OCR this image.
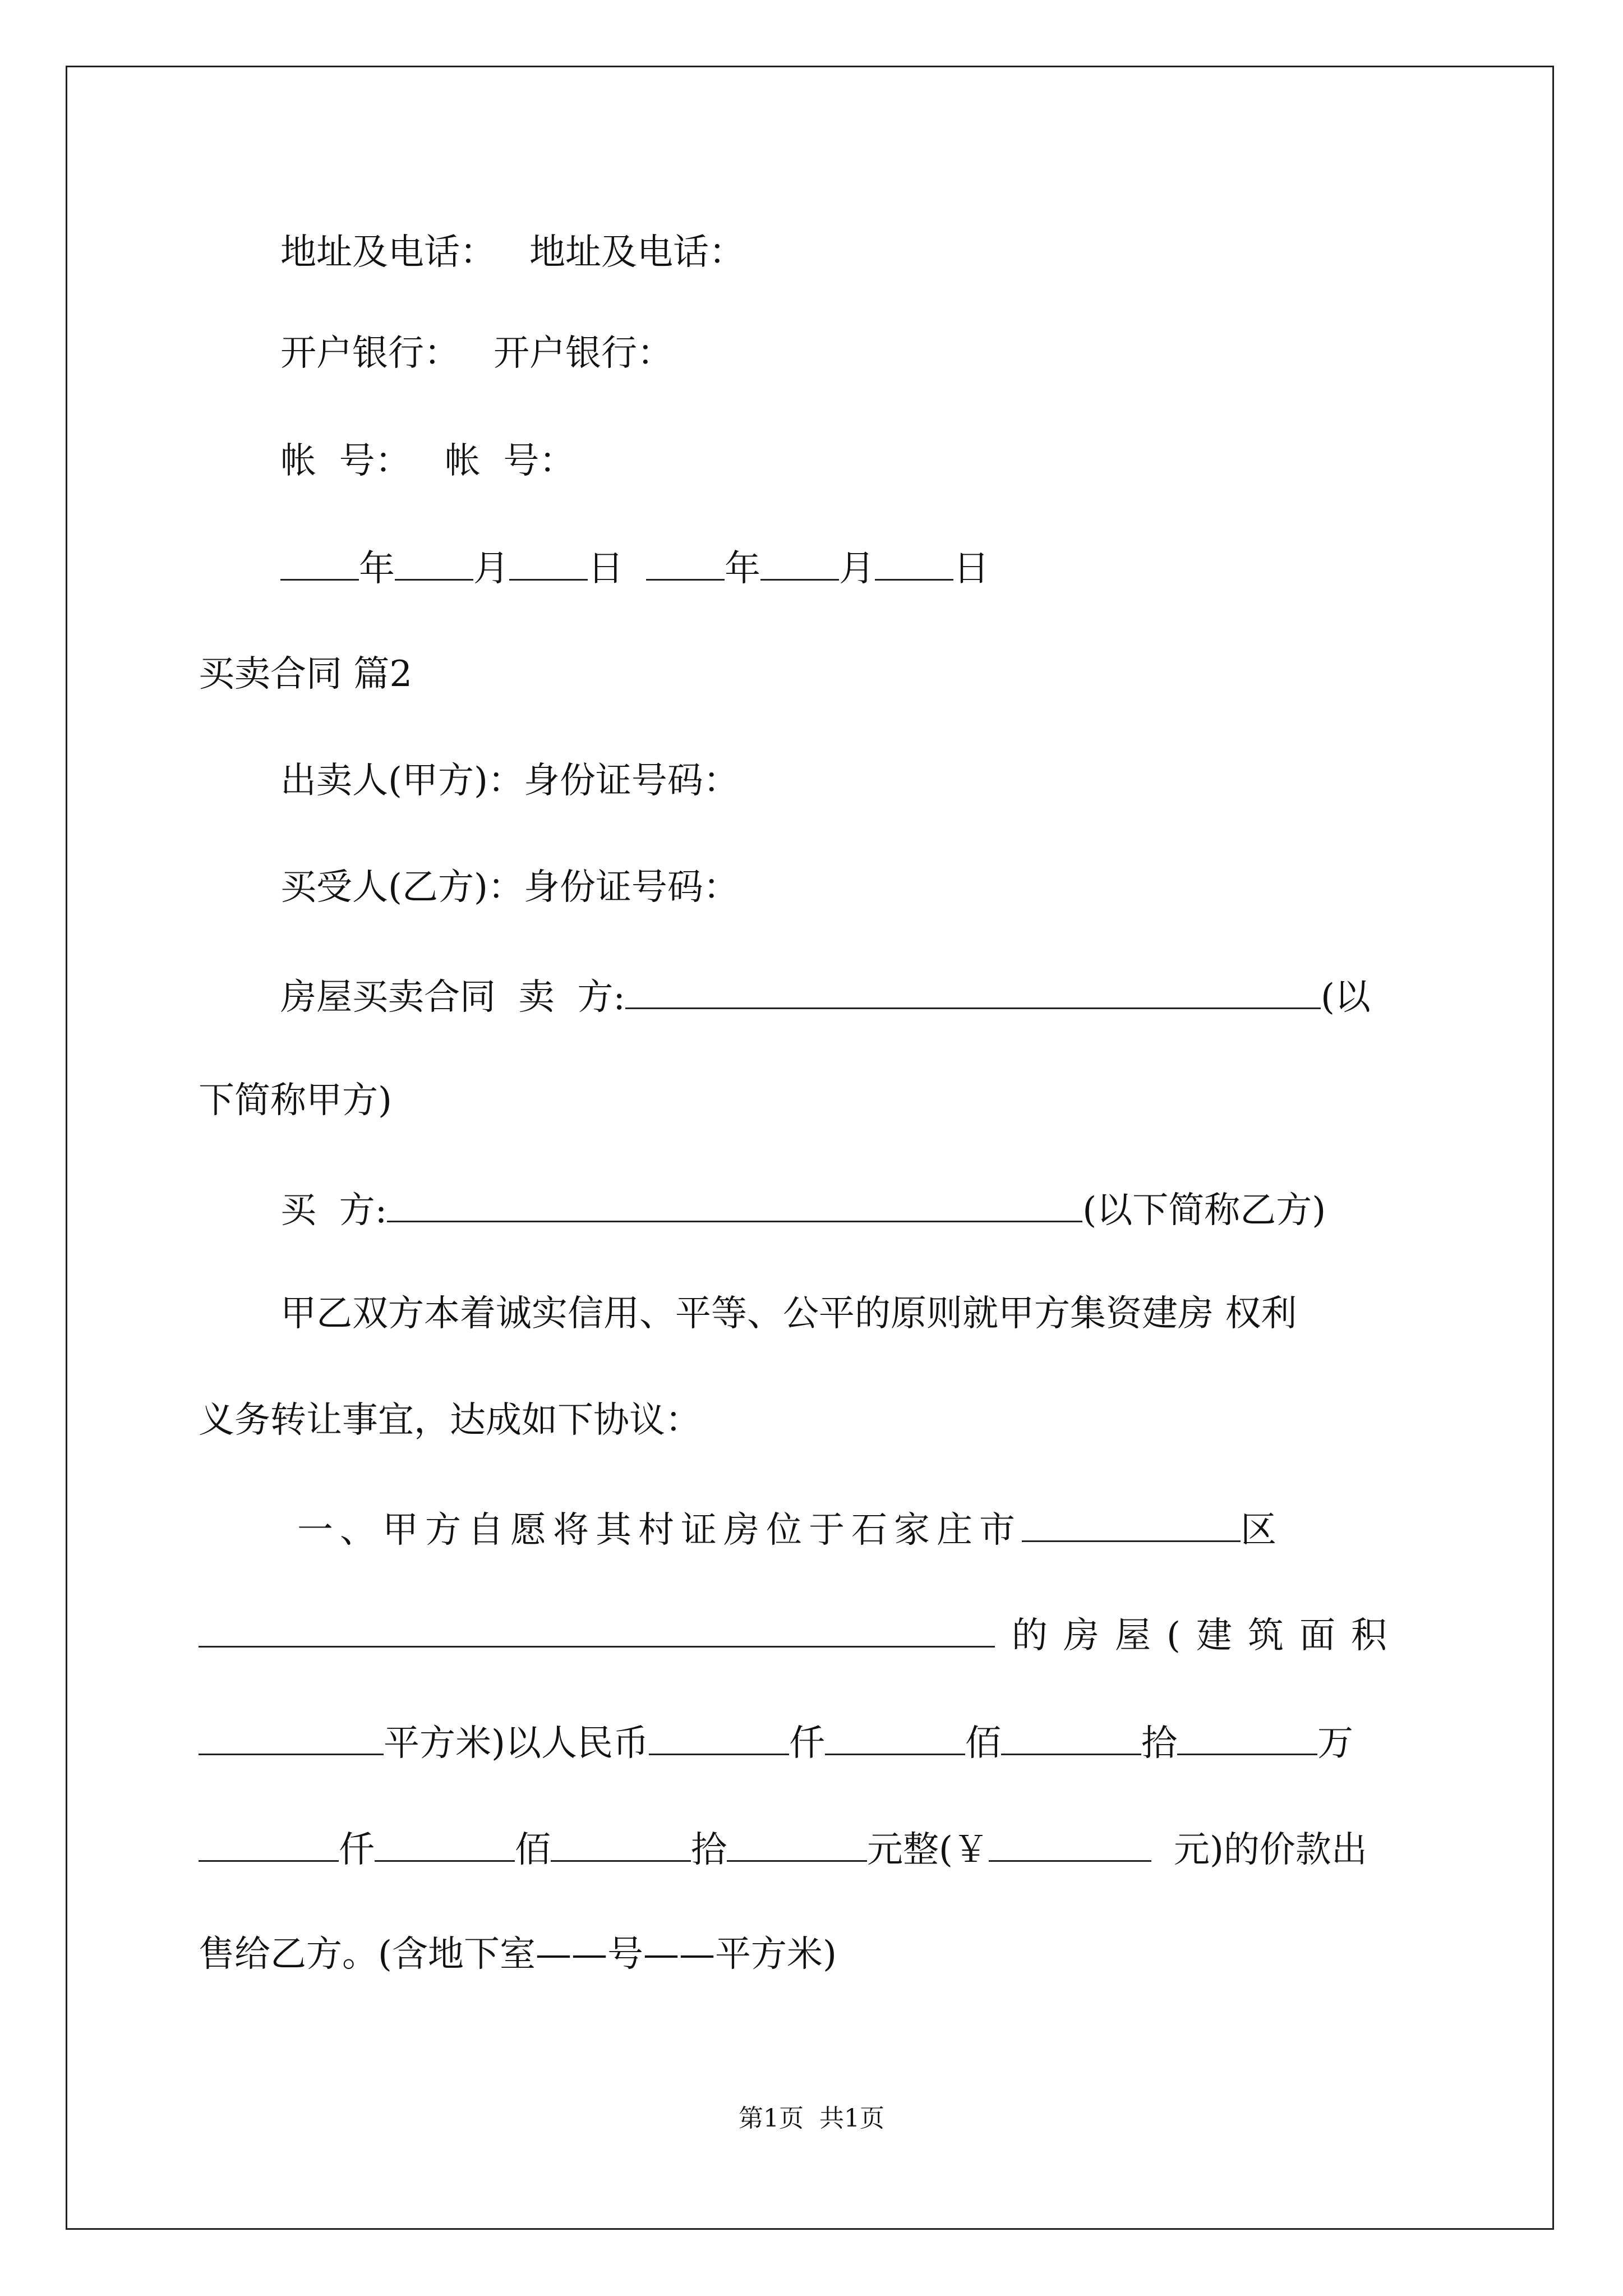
地址及电话： 地址及电话：
开户银行： 开户银行：
帐  号： 帐  号：
年 月 日	年 月 日
买卖合同 篇2
出卖人(甲方)：身份证号码：
买受人(乙方)：身份证号码：
房屋买卖合同  卖  方:	(以
下简称甲方)
买  方:	(以下简称乙方)
甲乙双方本着诚实信用、平等、公平的原则就甲方集资建房 权利
义务转让事宜，达成如下协议：
一、甲方自愿将其村证房位于石家庄市	区
的房屋(建筑面积
平方米)以人民币	仟	佰	拾	万
仟	佰	拾	元整(￥	元)的价款出
售给乙方。(含地下室——号——平方米)
第1页 共1页
